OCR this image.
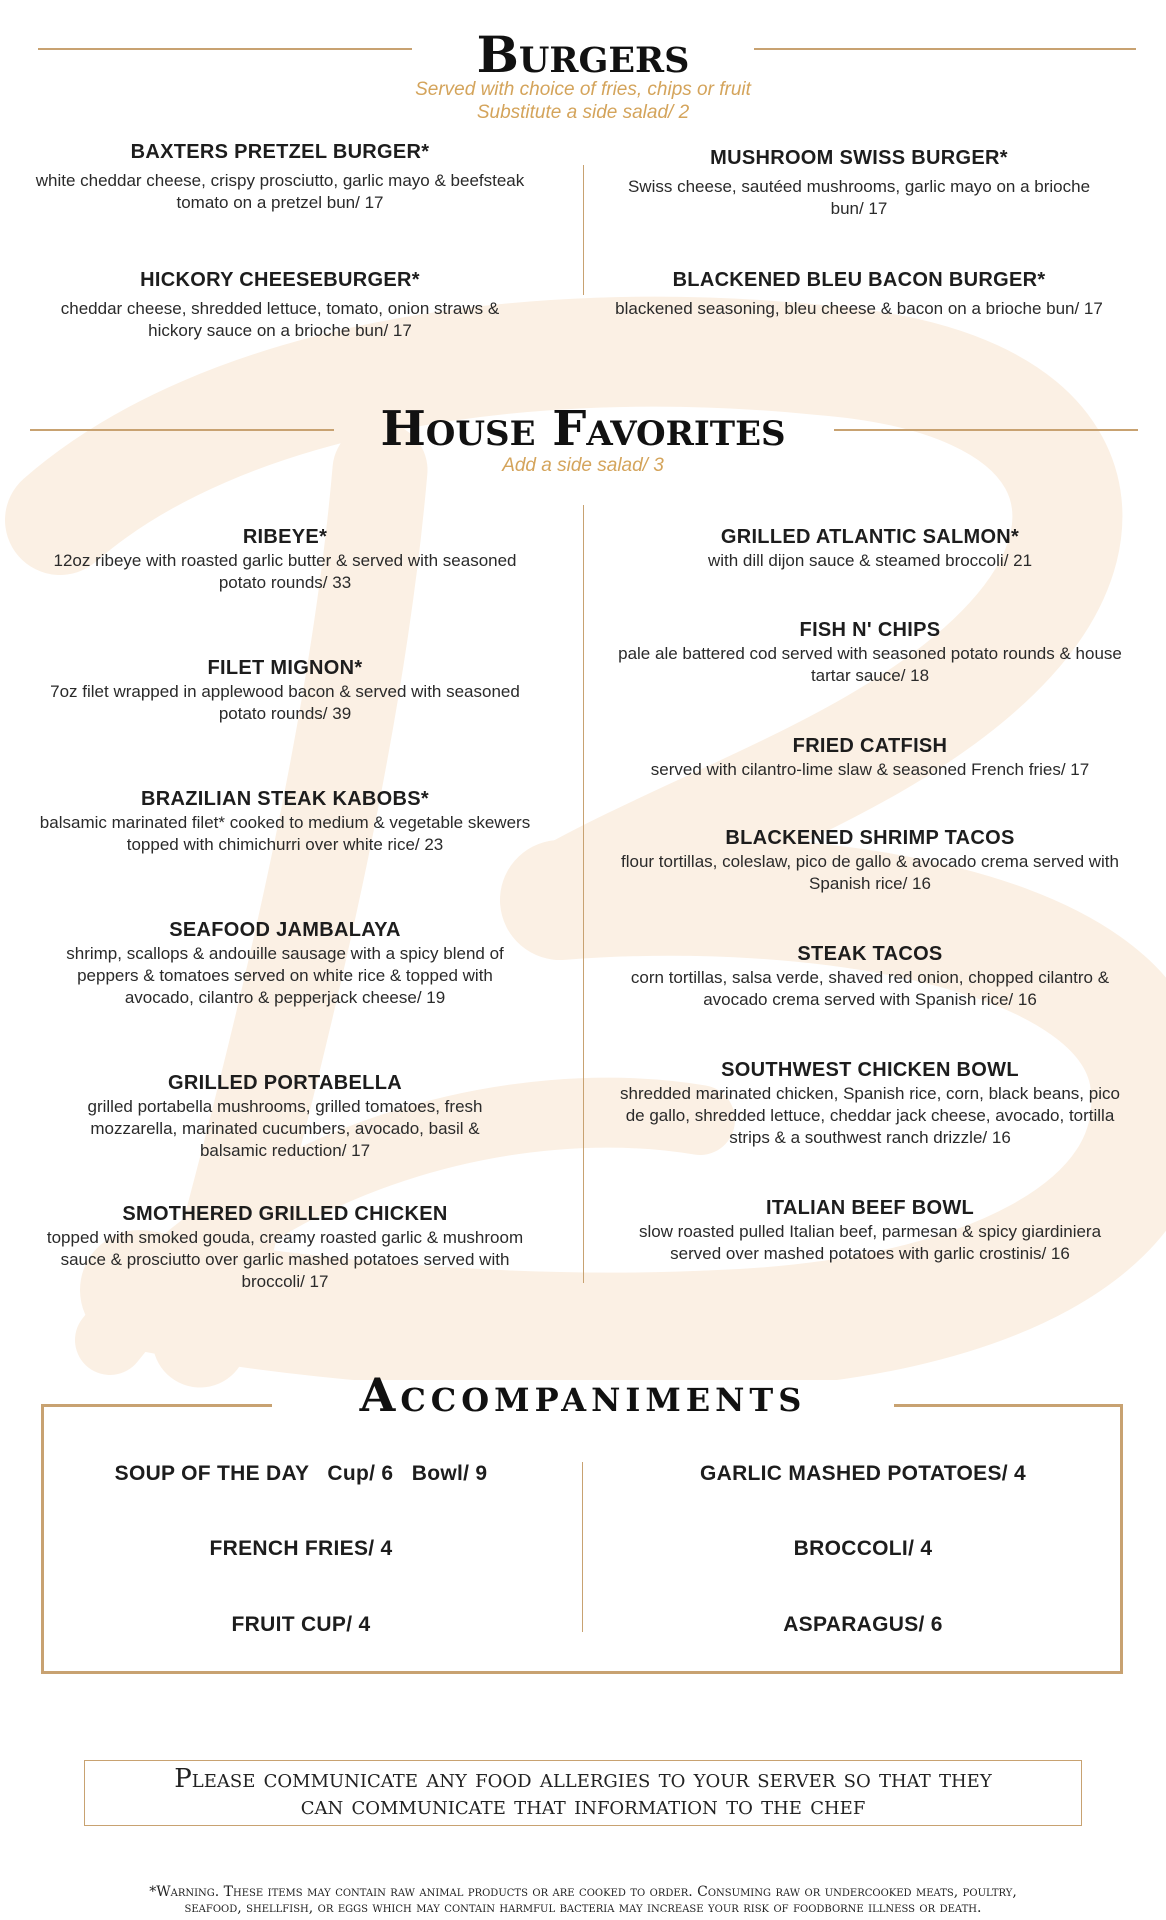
Burgers
Served with choice of fries, chips or fruit
Substitute a side salad/ 2
BAXTERS PRETZEL BURGER*
white cheddar cheese, crispy prosciutto, garlic mayo & beefsteak tomato on a pretzel bun/ 17
MUSHROOM SWISS BURGER*
Swiss cheese, sautéed mushrooms, garlic mayo on a brioche bun/ 17
HICKORY CHEESEBURGER*
cheddar cheese, shredded lettuce, tomato, onion straws & hickory sauce on a brioche bun/ 17
BLACKENED BLEU BACON BURGER*
blackened seasoning, bleu cheese & bacon on a brioche bun/ 17
House Favorites
Add a side salad/ 3
RIBEYE*
12oz ribeye with roasted garlic butter & served with seasoned potato rounds/ 33
FILET MIGNON*
7oz filet wrapped in applewood bacon & served with seasoned potato rounds/ 39
BRAZILIAN STEAK KABOBS*
balsamic marinated filet* cooked to medium & vegetable skewers topped with chimichurri over white rice/ 23
SEAFOOD JAMBALAYA
shrimp, scallops & andouille sausage with a spicy blend of peppers & tomatoes served on white rice & topped with avocado, cilantro & pepperjack cheese/ 19
GRILLED PORTABELLA
grilled portabella mushrooms, grilled tomatoes, fresh mozzarella, marinated cucumbers, avocado, basil & balsamic reduction/ 17
SMOTHERED GRILLED CHICKEN
topped with smoked gouda, creamy roasted garlic & mushroom sauce & prosciutto over garlic mashed potatoes served with broccoli/ 17
GRILLED ATLANTIC SALMON*
with dill dijon sauce & steamed broccoli/ 21
FISH N' CHIPS
pale ale battered cod served with seasoned potato rounds & house tartar sauce/ 18
FRIED CATFISH
served with cilantro-lime slaw & seasoned French fries/ 17
BLACKENED SHRIMP TACOS
flour tortillas, coleslaw, pico de gallo & avocado crema served with Spanish rice/ 16
STEAK TACOS
corn tortillas, salsa verde, shaved red onion, chopped cilantro & avocado crema served with Spanish rice/ 16
SOUTHWEST CHICKEN BOWL
shredded marinated chicken, Spanish rice, corn, black beans, pico de gallo, shredded lettuce, cheddar jack cheese, avocado, tortilla strips & a southwest ranch drizzle/ 16
ITALIAN BEEF BOWL
slow roasted pulled Italian beef, parmesan & spicy giardiniera served over mashed potatoes with garlic crostinis/ 16
Accompaniments
SOUP OF THE DAY   Cup/ 6   Bowl/ 9
FRENCH FRIES/ 4
FRUIT CUP/ 4
GARLIC MASHED POTATOES/ 4
BROCCOLI/ 4
ASPARAGUS/ 6
Please communicate any food allergies to your server so that they
can communicate that information to the chef
*Warning. These items may contain raw animal products or are cooked to order. Consuming raw or undercooked meats, poultry,
seafood, shellfish, or eggs which may contain harmful bacteria may increase your risk of foodborne illness or death.
